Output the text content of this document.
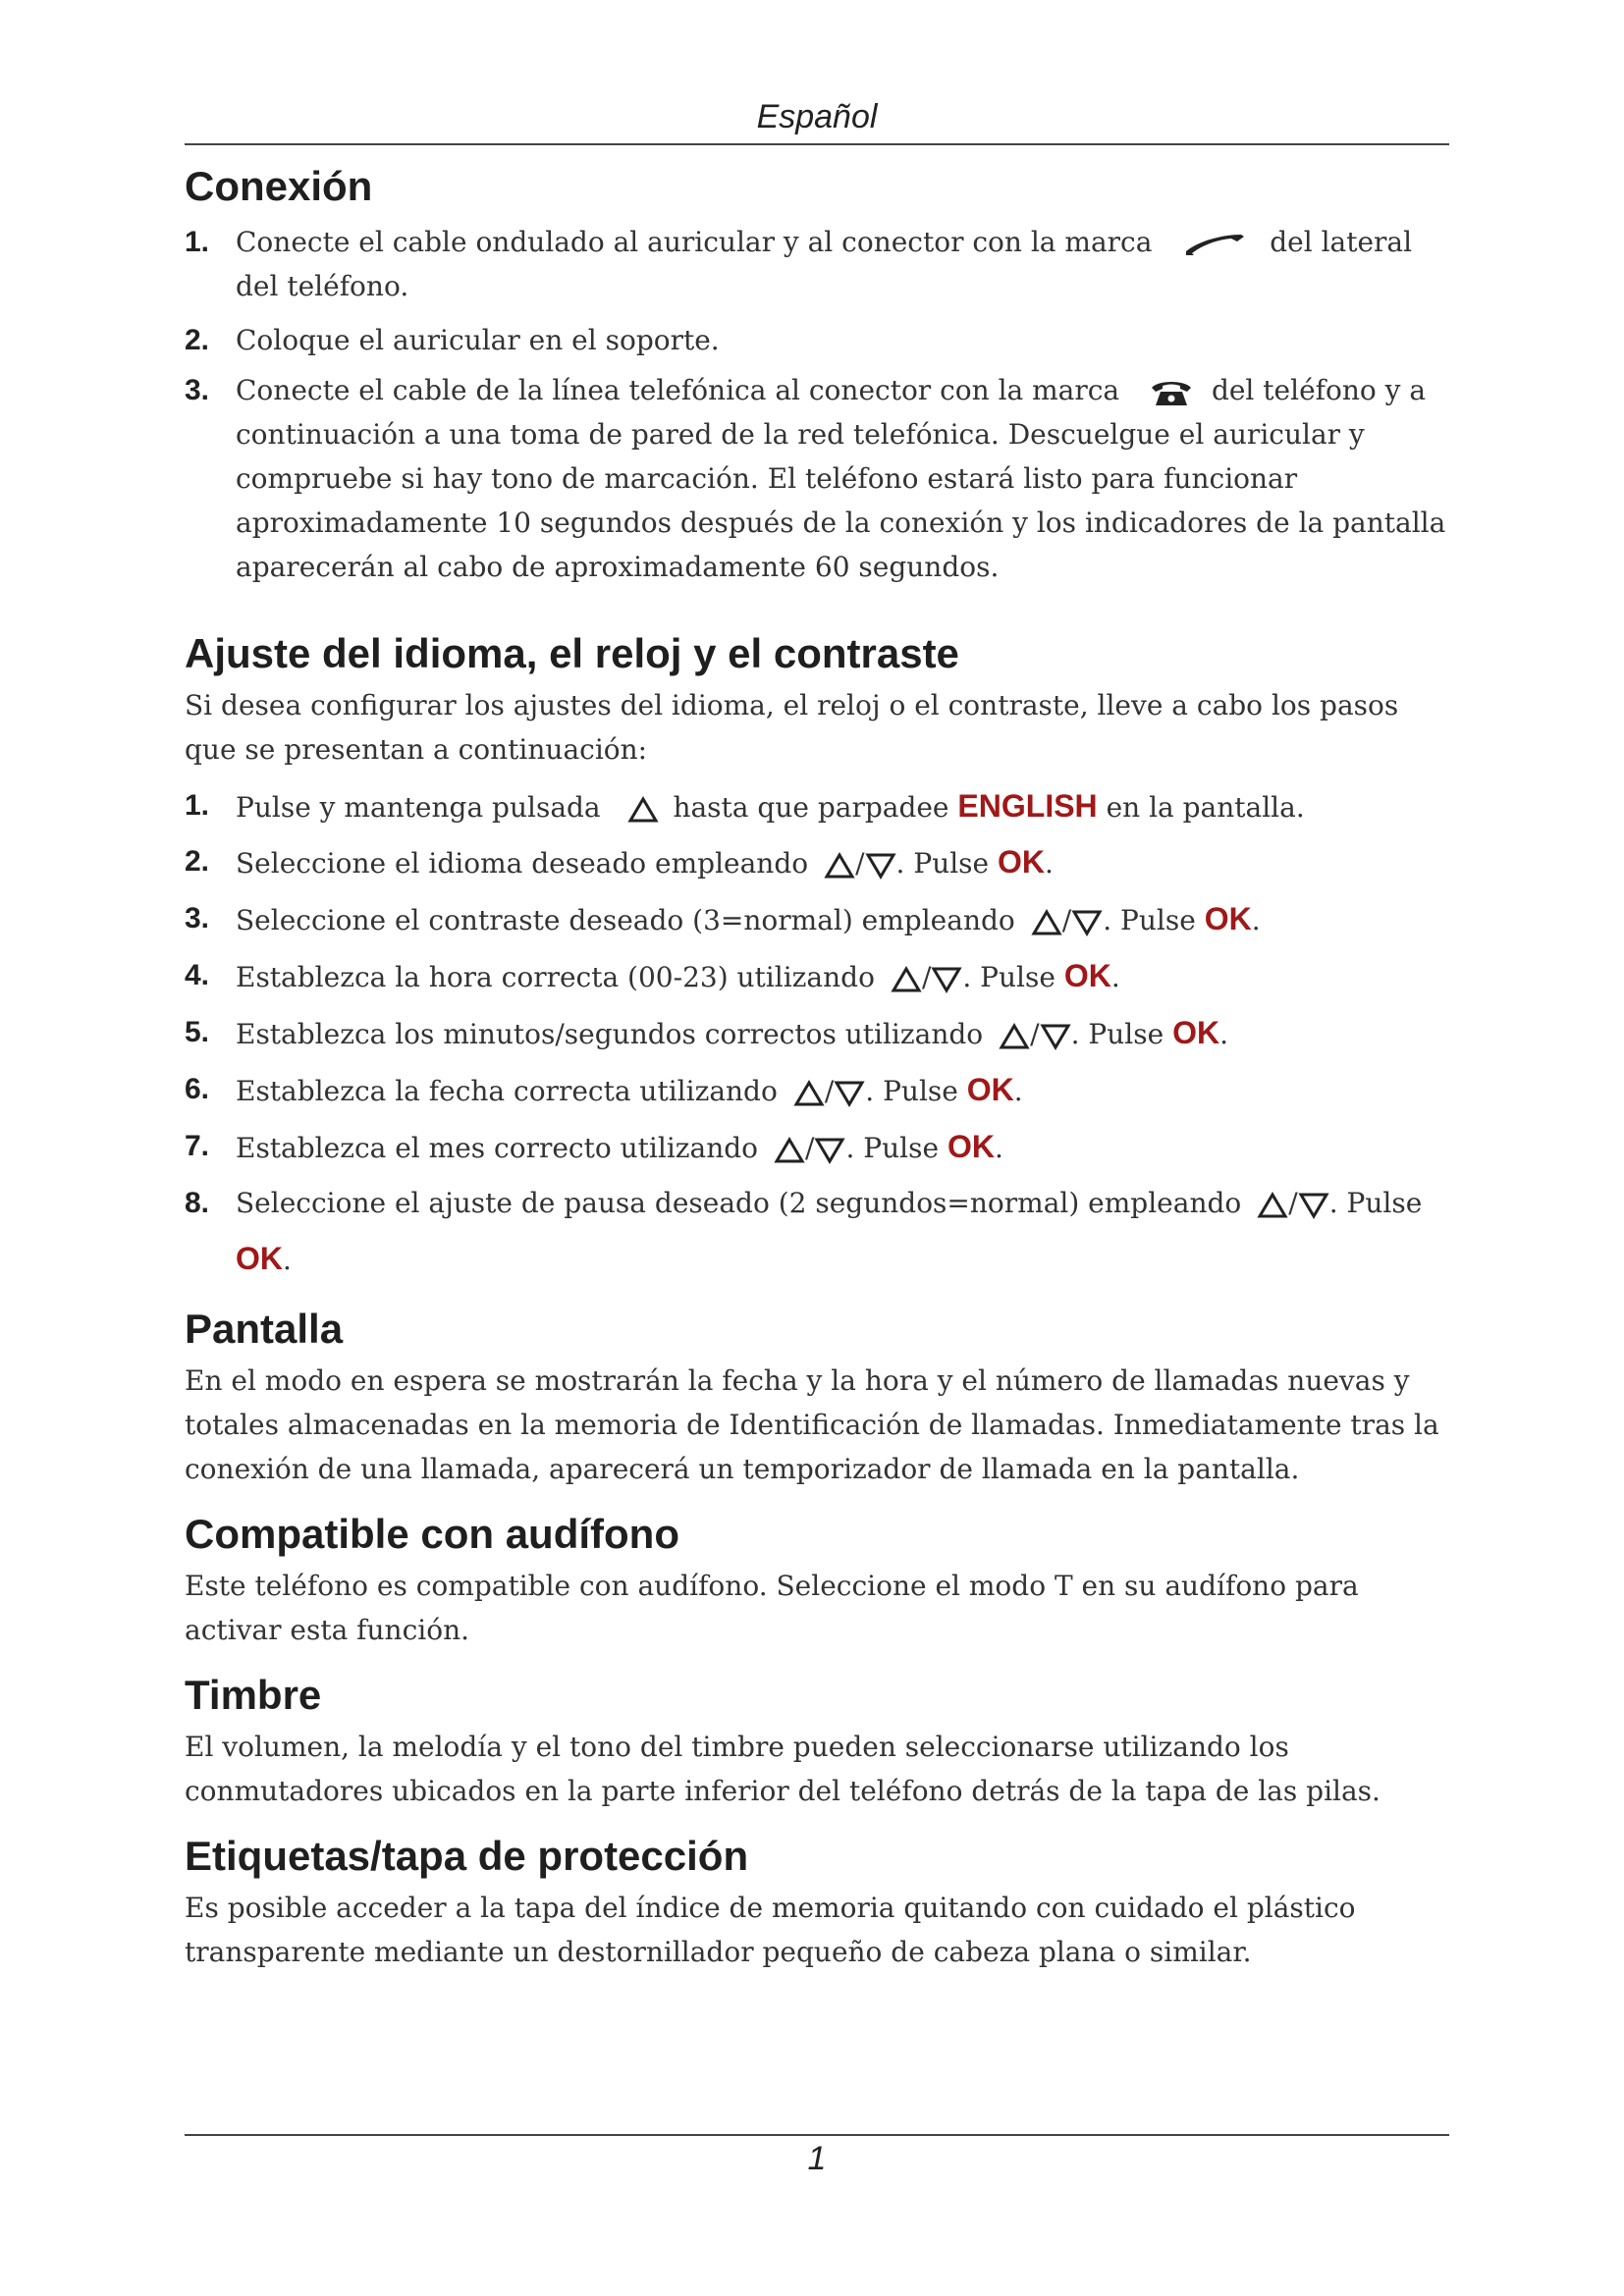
Español
Conexión
1. Conecte el cable ondulado al auricular y al conector con la marca	del lateral del teléfono.
2. Coloque el auricular en el soporte.
3. Conecte el cable de la línea telefónica al conector con la marca	del teléfono y a continuación a una toma de pared de la red telefónica. Descuelgue el auricular y compruebe si hay tono de marcación. El teléfono estará listo para funcionar aproximadamente 10 segundos después de la conexión y los indicadores de la pantalla aparecerán al cabo de aproximadamente 60 segundos.
Ajuste del idioma, el reloj y el contraste

Si desea configurar los ajustes del idioma, el reloj o el contraste, lleve a cabo los pasos que se presentan a continuación:

1. Pulse y mantenga pulsada	hasta que parpadee ENGLISH en la pantalla.
2. Seleccione el idioma deseado empleando / . Pulse OK.
3. Seleccione el contraste deseado (3=normal) empleando / . Pulse OK.
4. Establezca la hora correcta (00-23) utilizando / . Pulse OK.
5. Establezca los minutos/segundos correctos utilizando / . Pulse OK.
6. Establezca la fecha correcta utilizando / . Pulse OK.
7. Establezca el mes correcto utilizando / . Pulse OK.
8. Seleccione el ajuste de pausa deseado (2 segundos=normal) empleando / . Pulse OK.
Pantalla

En el modo en espera se mostrarán la fecha y la hora y el número de llamadas nuevas y totales almacenadas en la memoria de Identificación de llamadas. Inmediatamente tras la conexión de una llamada, aparecerá un temporizador de llamada en la pantalla.

Compatible con audífono

Este teléfono es compatible con audífono. Seleccione el modo T en su audífono para activar esta función.

Timbre

El volumen, la melodía y el tono del timbre pueden seleccionarse utilizando los conmutadores ubicados en la parte inferior del teléfono detrás de la tapa de las pilas.

Etiquetas/tapa de protección

Es posible acceder a la tapa del índice de memoria quitando con cuidado el plástico transparente mediante un destornillador pequeño de cabeza plana o similar.

1
